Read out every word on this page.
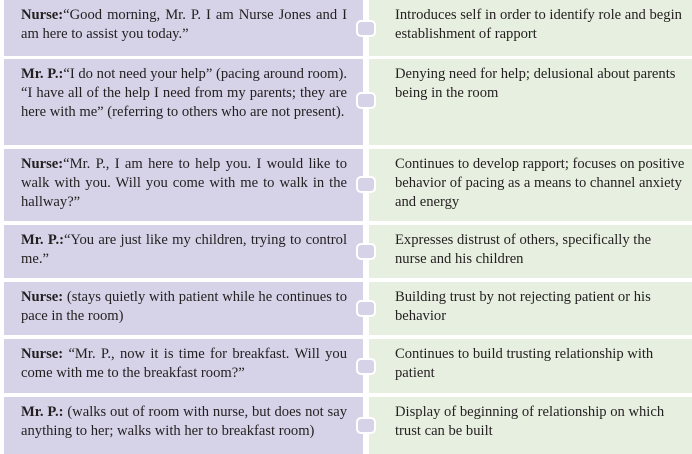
Nurse:“Good morning, Mr. P. I am Nurse Jones and I am here to assist you today.”
Introduces self in order to identify role and begin establishment of rapport
Mr. P.:“I do not need your help” (pacing around room). “I have all of the help I need from my parents; they are here with me” (referring to others who are not present).
Denying need for help; delusional about parents being in the room
Nurse:“Mr. P., I am here to help you. I would like to walk with you. Will you come with me to walk in the hallway?”
Continues to develop rapport; focuses on positive behavior of pacing as a means to channel anxiety and energy
Mr. P.:“You are just like my children, trying to control me.”
Expresses distrust of others, specifically the nurse and his children
Nurse: (stays quietly with patient while he continues to pace in the room)
Building trust by not rejecting patient or his behavior
Nurse: “Mr. P., now it is time for breakfast. Will you come with me to the breakfast room?”
Continues to build trusting relationship with patient
Mr. P.: (walks out of room with nurse, but does not say anything to her; walks with her to breakfast room)
Display of beginning of relationship on which trust can be built
